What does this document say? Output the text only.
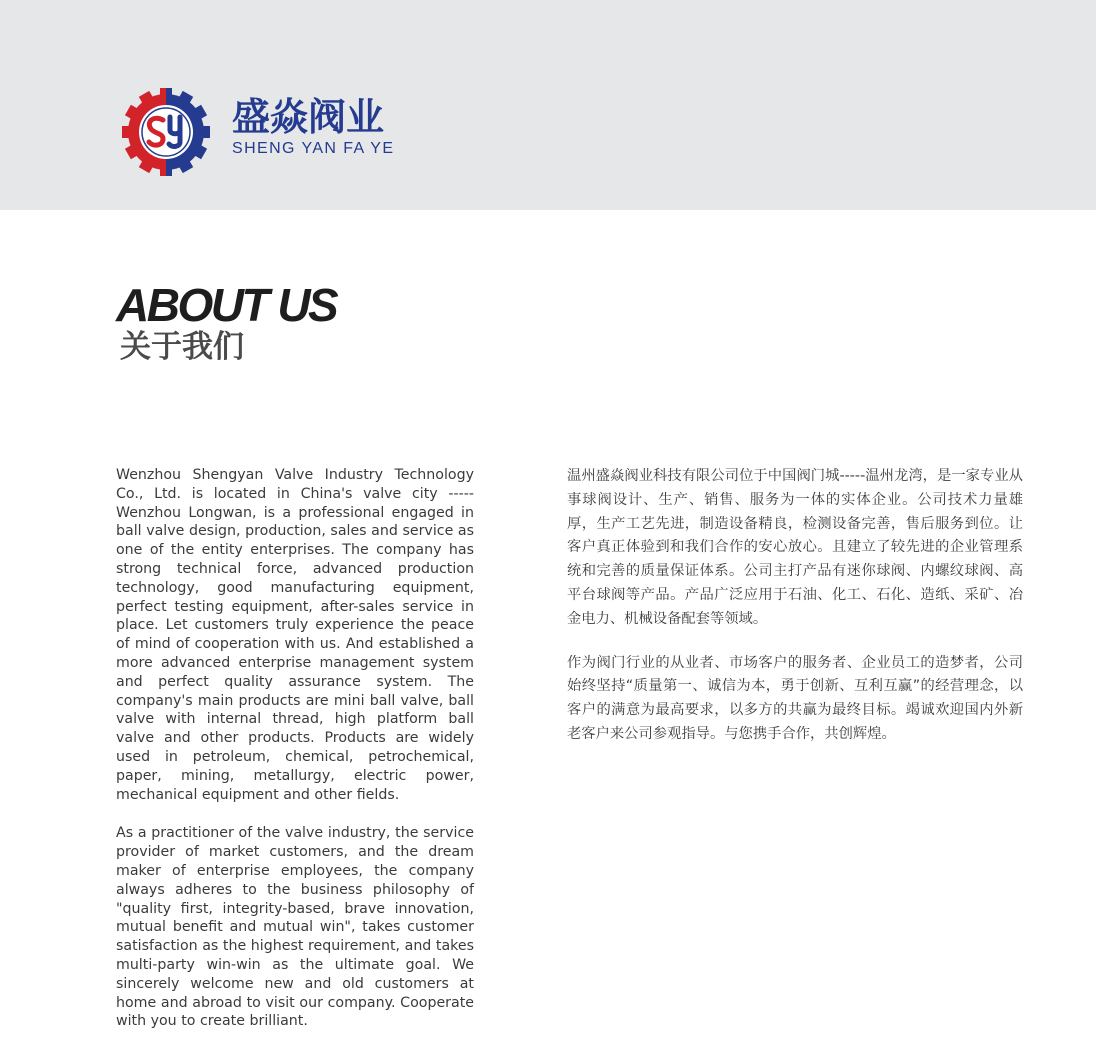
盛焱阀业
SHENG YAN FA YE
ABOUT US
关于我们

Wenzhou Shengyan Valve Industry Technology Co., Ltd. is located in China's valve city ----- Wenzhou Longwan, is a professional engaged in ball valve design, production, sales and service as one of the entity enterprises. The company has strong technical force, advanced production technology, good manufacturing equipment, perfect testing equipment, after-sales service in place. Let customers truly experience the peace of mind of cooperation with us. And established a more advanced enterprise management system and perfect quality assurance system. The company's main products are mini ball valve, ball valve with internal thread, high platform ball valve and other products. Products are widely used in petroleum, chemical, petrochemical, paper, mining, metallurgy, electric power, mechanical equipment and other fields.

As a practitioner of the valve industry, the service provider of market customers, and the dream maker of enterprise employees, the company always adheres to the business philosophy of "quality first, integrity-based, brave innovation, mutual benefit and mutual win", takes customer satisfaction as the highest requirement, and takes multi-party win-win as the ultimate goal. We sincerely welcome new and old customers at home and abroad to visit our company. Cooperate with you to create brilliant.

温州盛焱阀业科技有限公司位于中国阀门城-----温州龙湾，是一家专业从事球阀设计、生产、销售、服务为一体的实体企业。公司技术力量雄厚，生产工艺先进，制造设备精良，检测设备完善，售后服务到位。让客户真正体验到和我们合作的安心放心。且建立了较先进的企业管理系统和完善的质量保证体系。公司主打产品有迷你球阀、内螺纹球阀、高平台球阀等产品。产品广泛应用于石油、化工、石化、造纸、采矿、冶金电力、机械设备配套等领域。

作为阀门行业的从业者、市场客户的服务者、企业员工的造梦者，公司始终坚持“质量第一、诚信为本，勇于创新、互利互赢”的经营理念，以客户的满意为最高要求，以多方的共赢为最终目标。竭诚欢迎国内外新老客户来公司参观指导。与您携手合作，共创辉煌。
